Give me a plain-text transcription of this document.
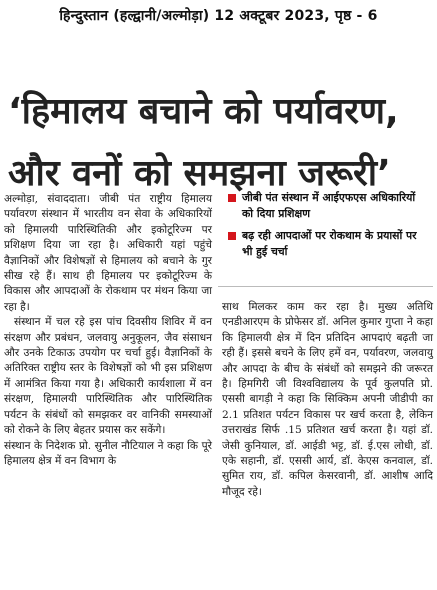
हिन्दुस्तान (हल्द्वानी/अल्मोड़ा) 12 अक्टूबर 2023, पृष्ठ - 6
‘हिमालय बचाने को पर्यावरण,
और वनों को समझना जरूरी’

अल्मोड़ा, संवाददाता। जीबी पंत राष्ट्रीय हिमालय पर्यावरण संस्थान में भारतीय वन सेवा के अधिकारियों को हिमालयी पारिस्थितिकी और इकोटूरिज्म पर प्रशिक्षण दिया जा रहा है। अधिकारी यहां पहुंचे वैज्ञानिकों और विशेषज्ञों से हिमालय को बचाने के गुर सीख रहे हैं। साथ ही हिमालय पर इकोटूरिज्म के विकास और आपदाओं के रोकथाम पर मंथन किया जा रहा है।

संस्थान में चल रहे इस पांच दिवसीय शिविर में वन संरक्षण और प्रबंधन, जलवायु अनुकूलन, जैव संसाधन और उनके टिकाऊ उपयोग पर चर्चा हुई। वैज्ञानिकों के अतिरिक्त राष्ट्रीय स्तर के विशेषज्ञों को भी इस प्रशिक्षण में आमंत्रित किया गया है। अधिकारी कार्यशाला में वन संरक्षण, हिमालयी पारिस्थितिक और पारिस्थितिक पर्यटन के संबंधों को समझकर वर वानिकी समस्याओं को रोकने के लिए बेहतर प्रयास कर सकेंगे।

संस्थान के निदेशक प्रो. सुनील नौटियाल ने कहा कि पूरे हिमालय क्षेत्र में वन विभाग के

जीबी पंत संस्थान में आईएफएस अधिकारियों को दिया प्रशिक्षण
बढ़ रही आपदाओं पर रोकथाम के प्रयासों पर भी हुई चर्चा

साथ मिलकर काम कर रहा है। मुख्य अतिथि एनडीआरएम के प्रोफेसर डॉ. अनिल कुमार गुप्ता ने कहा कि हिमालयी क्षेत्र में दिन प्रतिदिन आपदाएं बढ़ती जा रही हैं। इससे बचने के लिए हमें वन, पर्यावरण, जलवायु और आपदा के बीच के संबंधों को समझने की जरूरत है। हिमगिरी जी विश्वविद्यालय के पूर्व कुलपति प्रो. एससी बागड़ी ने कहा कि सिक्किम अपनी जीडीपी का 2.1 प्रतिशत पर्यटन विकास पर खर्च करता है, लेकिन उत्तराखंड सिर्फ .15 प्रतिशत खर्च करता है। यहां डॉ. जेसी कुनियाल, डॉ. आईडी भट्ट, डॉ. ई.एस लोधी, डॉ. एके सहानी, डॉ. एससी आर्य, डॉ. केएस कनवाल, डॉ. सुमित राय, डॉ. कपिल केसरवानी, डॉ. आशीष आदि मौजूद रहे।
